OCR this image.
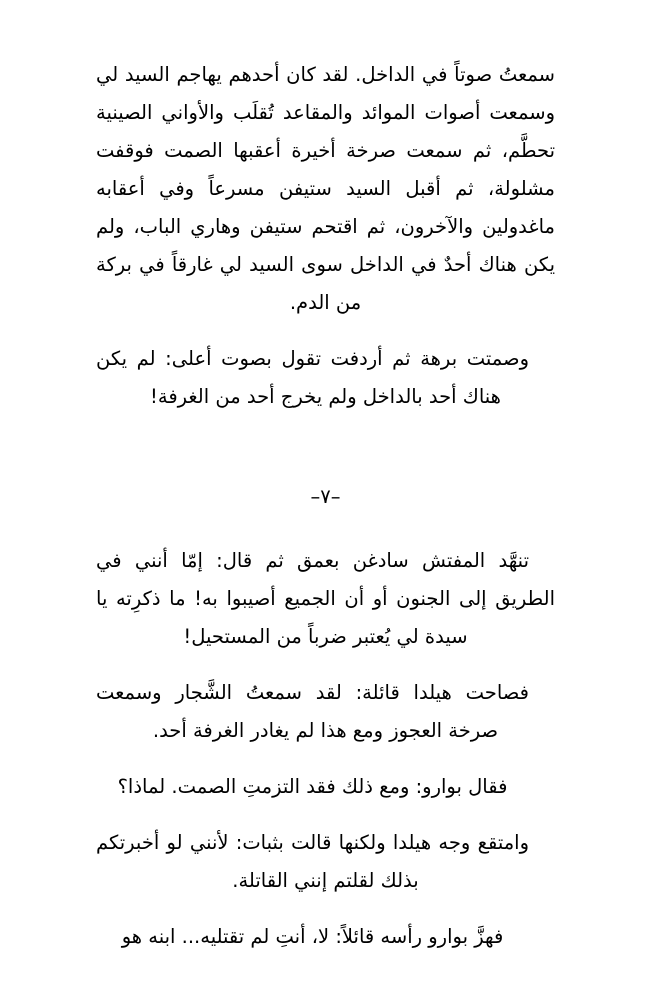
سمعتُ صوتاً في الداخل. لقد كان أحدهم يهاجم السيد لي وسمعت أصوات الموائد والمقاعد تُقلَب والأواني الصينية تحطَّم، ثم سمعت صرخة أخيرة أعقبها الصمت فوقفت مشلولة، ثم أقبل السيد ستيفن مسرعاً وفي أعقابه ماغدولين والآخرون، ثم اقتحم ستيفن وهاري الباب، ولم يكن هناك أحدٌ في الداخل سوى السيد لي غارقاً في بركة من الدم.

وصمتت برهة ثم أردفت تقول بصوت أعلى: لم يكن هناك أحد بالداخل ولم يخرج أحد من الغرفة!

–٧–

تنهَّد المفتش سادغن بعمق ثم قال: إمّا أنني في الطريق إلى الجنون أو أن الجميع أصيبوا به! ما ذكرِته يا سيدة لي يُعتبر ضرباً من المستحيل!

فصاحت هيلدا قائلة: لقد سمعتُ الشَّجار وسمعت صرخة العجوز ومع هذا لم يغادر الغرفة أحد.

فقال بوارو: ومع ذلك فقد التزمتِ الصمت. لماذا؟

وامتقع وجه هيلدا ولكنها قالت بثبات: لأنني لو أخبرتكم بذلك لقلتم إنني القاتلة.

فهزَّ بوارو رأسه قائلاً: لا، أنتِ لم تقتليه... ابنه هو
